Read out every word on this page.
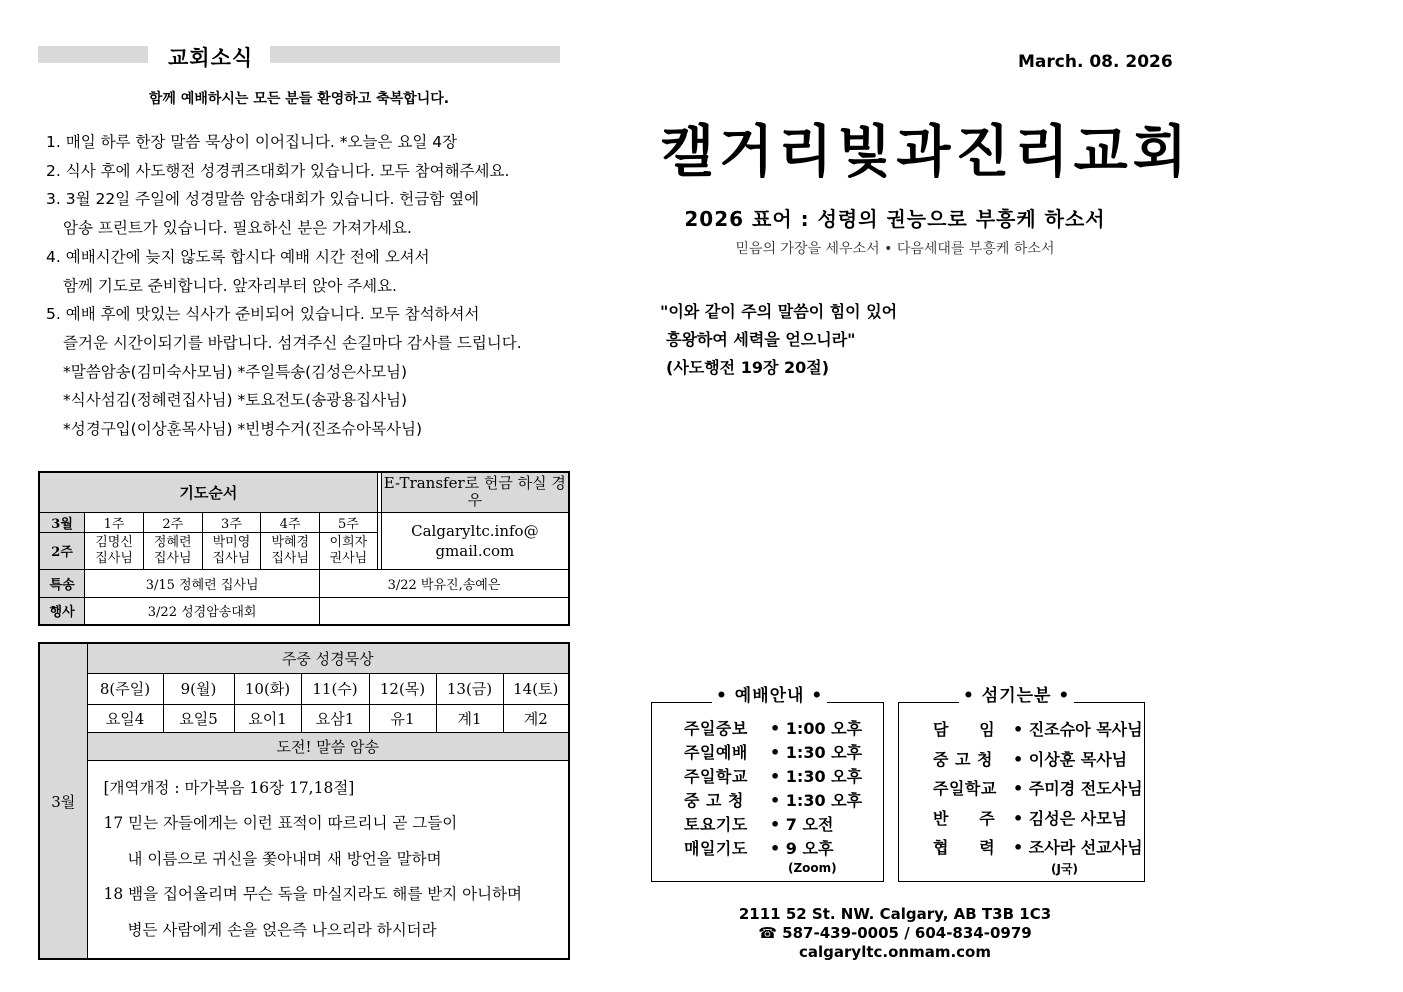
교회소식
함께 예배하시는 모든 분들 환영하고 축복합니다.
1. 매일 하루 한장 말씀 묵상이 이어집니다. *오늘은 요일 4장
2. 식사 후에 사도행전 성경퀴즈대회가 있습니다. 모두 참여해주세요.
3. 3월 22일 주일에 성경말씀 암송대회가 있습니다. 헌금함 옆에
암송 프린트가 있습니다. 필요하신 분은 가져가세요.
4. 예배시간에 늦지 않도록 합시다 예배 시간 전에 오셔서
함께 기도로 준비합니다. 앞자리부터 앉아 주세요.
5. 예배 후에 맛있는 식사가 준비되어 있습니다. 모두 참석하셔서
즐거운 시간이되기를 바랍니다. 섬겨주신 손길마다 감사를 드립니다.
*말씀암송(김미숙사모님) *주일특송(김성은사모님)
*식사섬김(정혜련집사님) *토요전도(송광용집사님)
*성경구입(이상훈목사님) *빈병수거(진조슈아목사님)
기도순서							E-Transfer로 헌금 하실 경우
3월	1주	2주	3주	4주	5주		Calgaryltc.info@ gmail.com
2주	김명신 집사님	정혜련 집사님	박미영 집사님	박혜경 집사님	이희자 권사님		
특송	3/15 정혜련 집사님				3/22 박유진,송예은		
행사	3/22 성경암송대회						
3월	주중 성경묵상						
	8(주일)	9(월)	10(화)	11(수)	12(목)	13(금)	14(토)
	요일4	요일5	요이1	요삼1	유1	계1	계2
	도전! 말씀 암송						

	[개역개정 : 마가복음 16장 17,18절]
17 믿는 자들에게는 이런 표적이 따르리니 곧 그들이
내 이름으로 귀신을 쫓아내며 새 방언을 말하며
18 뱀을 집어올리며 무슨 독을 마실지라도 해를 받지 아니하며
병든 사람에게 손을 얹은즉 나으리라 하시더라						
March. 08. 2026
캘거리빛과진리교회
2026 표어 : 성령의 권능으로 부흥케 하소서
믿음의 가장을 세우소서 • 다음세대를 부흥케 하소서
"이와 같이 주의 말씀이 힘이 있어
흥왕하여 세력을 얻으니라"
(사도행전 19장 20절)
• 예배안내 •
주일중보	• 1:00 오후
주일예배	• 1:30 오후
주일학교	• 1:30 오후
중 고 청	• 1:30 오후
토요기도	• 7 오전
매일기도	• 9 오후
(Zoom)
• 섬기는분 •
담     임	• 진조슈아 목사님
중 고 청	• 이상훈 목사님
주일학교	• 주미경 전도사님
반     주	• 김성은 사모님
협     력	• 조사라 선교사님
(J국)
2111 52 St. NW. Calgary, AB T3B 1C3
☎ 587-439-0005 / 604-834-0979
calgaryltc.onmam.com
